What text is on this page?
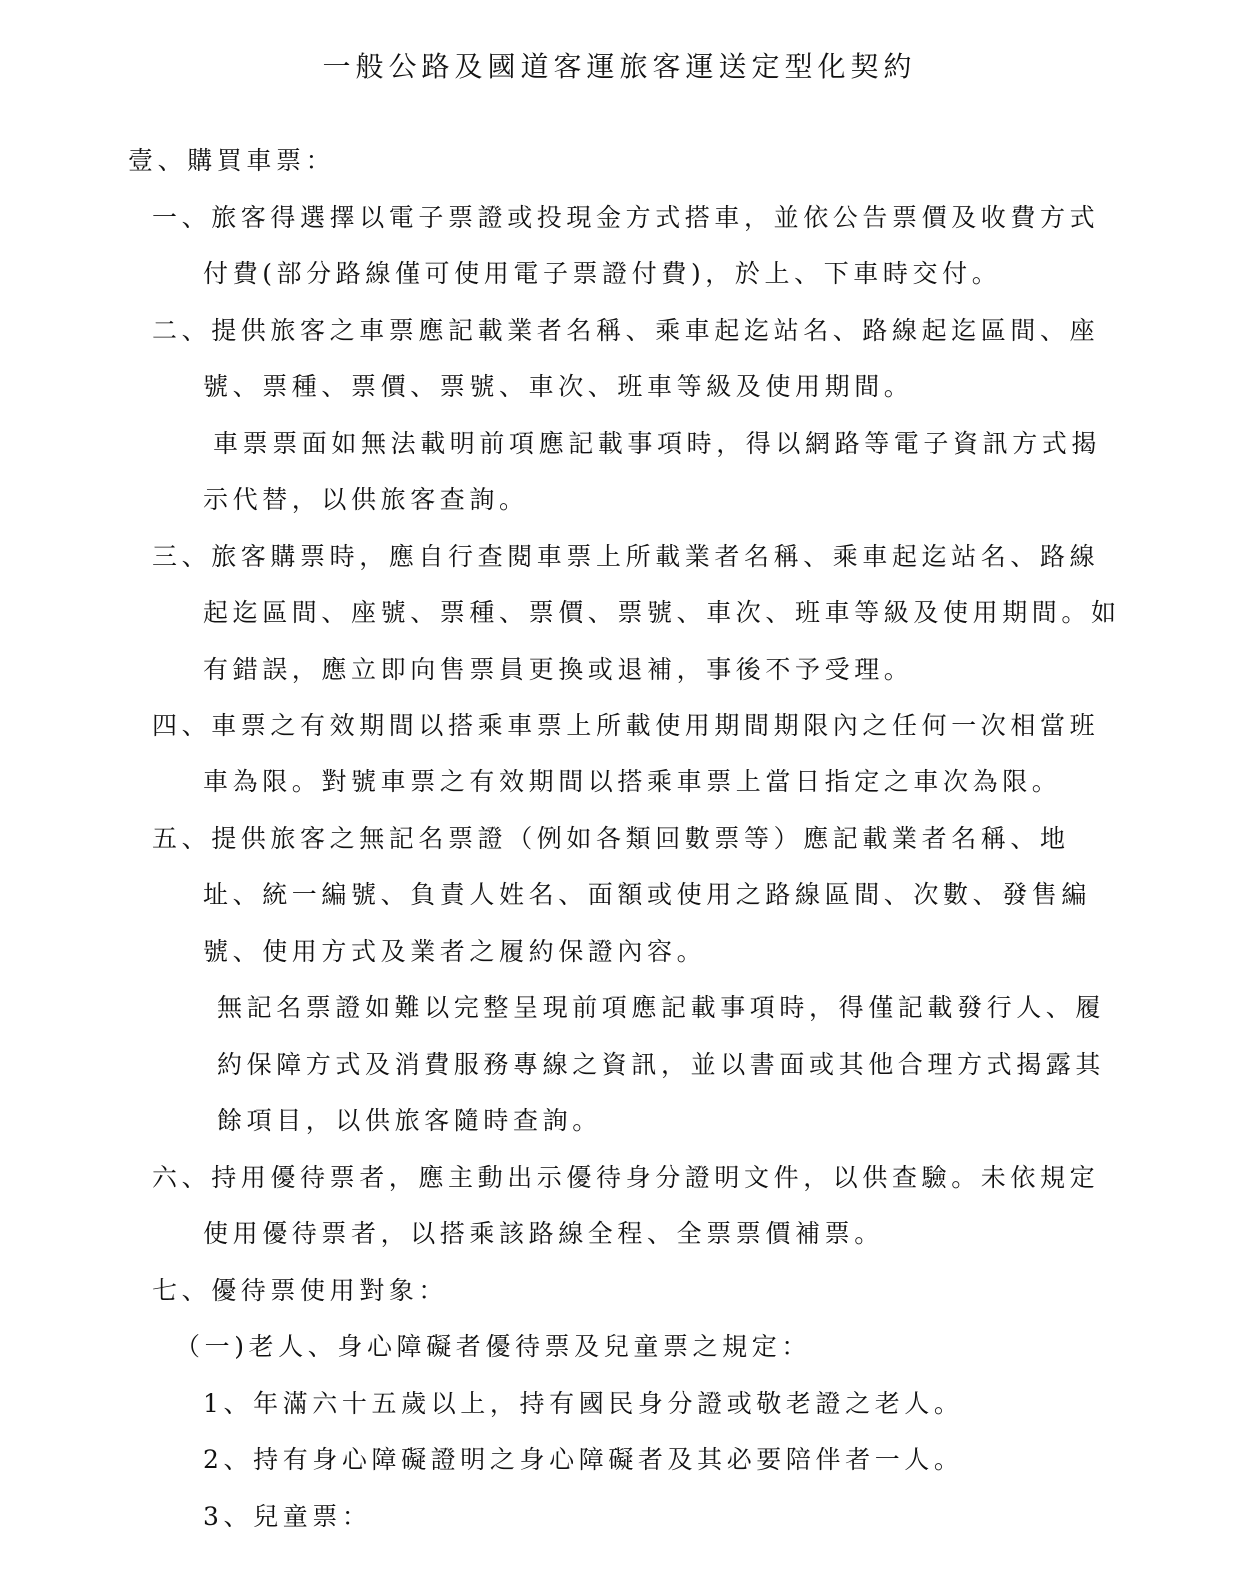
一般公路及國道客運旅客運送定型化契約
壹、購買車票：
一、旅客得選擇以電子票證或投現金方式搭車，並依公告票價及收費方式
付費(部分路線僅可使用電子票證付費)，於上、下車時交付。
二、提供旅客之車票應記載業者名稱、乘車起迄站名、路線起迄區間、座
號、票種、票價、票號、車次、班車等級及使用期間。
車票票面如無法載明前項應記載事項時，得以網路等電子資訊方式揭
示代替，以供旅客查詢。
三、旅客購票時，應自行查閱車票上所載業者名稱、乘車起迄站名、路線
起迄區間、座號、票種、票價、票號、車次、班車等級及使用期間。如
有錯誤，應立即向售票員更換或退補，事後不予受理。
四、車票之有效期間以搭乘車票上所載使用期間期限內之任何一次相當班
車為限。對號車票之有效期間以搭乘車票上當日指定之車次為限。
五、提供旅客之無記名票證（例如各類回數票等）應記載業者名稱、地
址、統一編號、負責人姓名、面額或使用之路線區間、次數、發售編
號、使用方式及業者之履約保證內容。
無記名票證如難以完整呈現前項應記載事項時，得僅記載發行人、履
約保障方式及消費服務專線之資訊，並以書面或其他合理方式揭露其
餘項目，以供旅客隨時查詢。
六、持用優待票者，應主動出示優待身分證明文件，以供查驗。未依規定
使用優待票者，以搭乘該路線全程、全票票價補票。
七、優待票使用對象：
（一)老人、身心障礙者優待票及兒童票之規定：
1、年滿六十五歲以上，持有國民身分證或敬老證之老人。
2、持有身心障礙證明之身心障礙者及其必要陪伴者一人。
3、兒童票：
